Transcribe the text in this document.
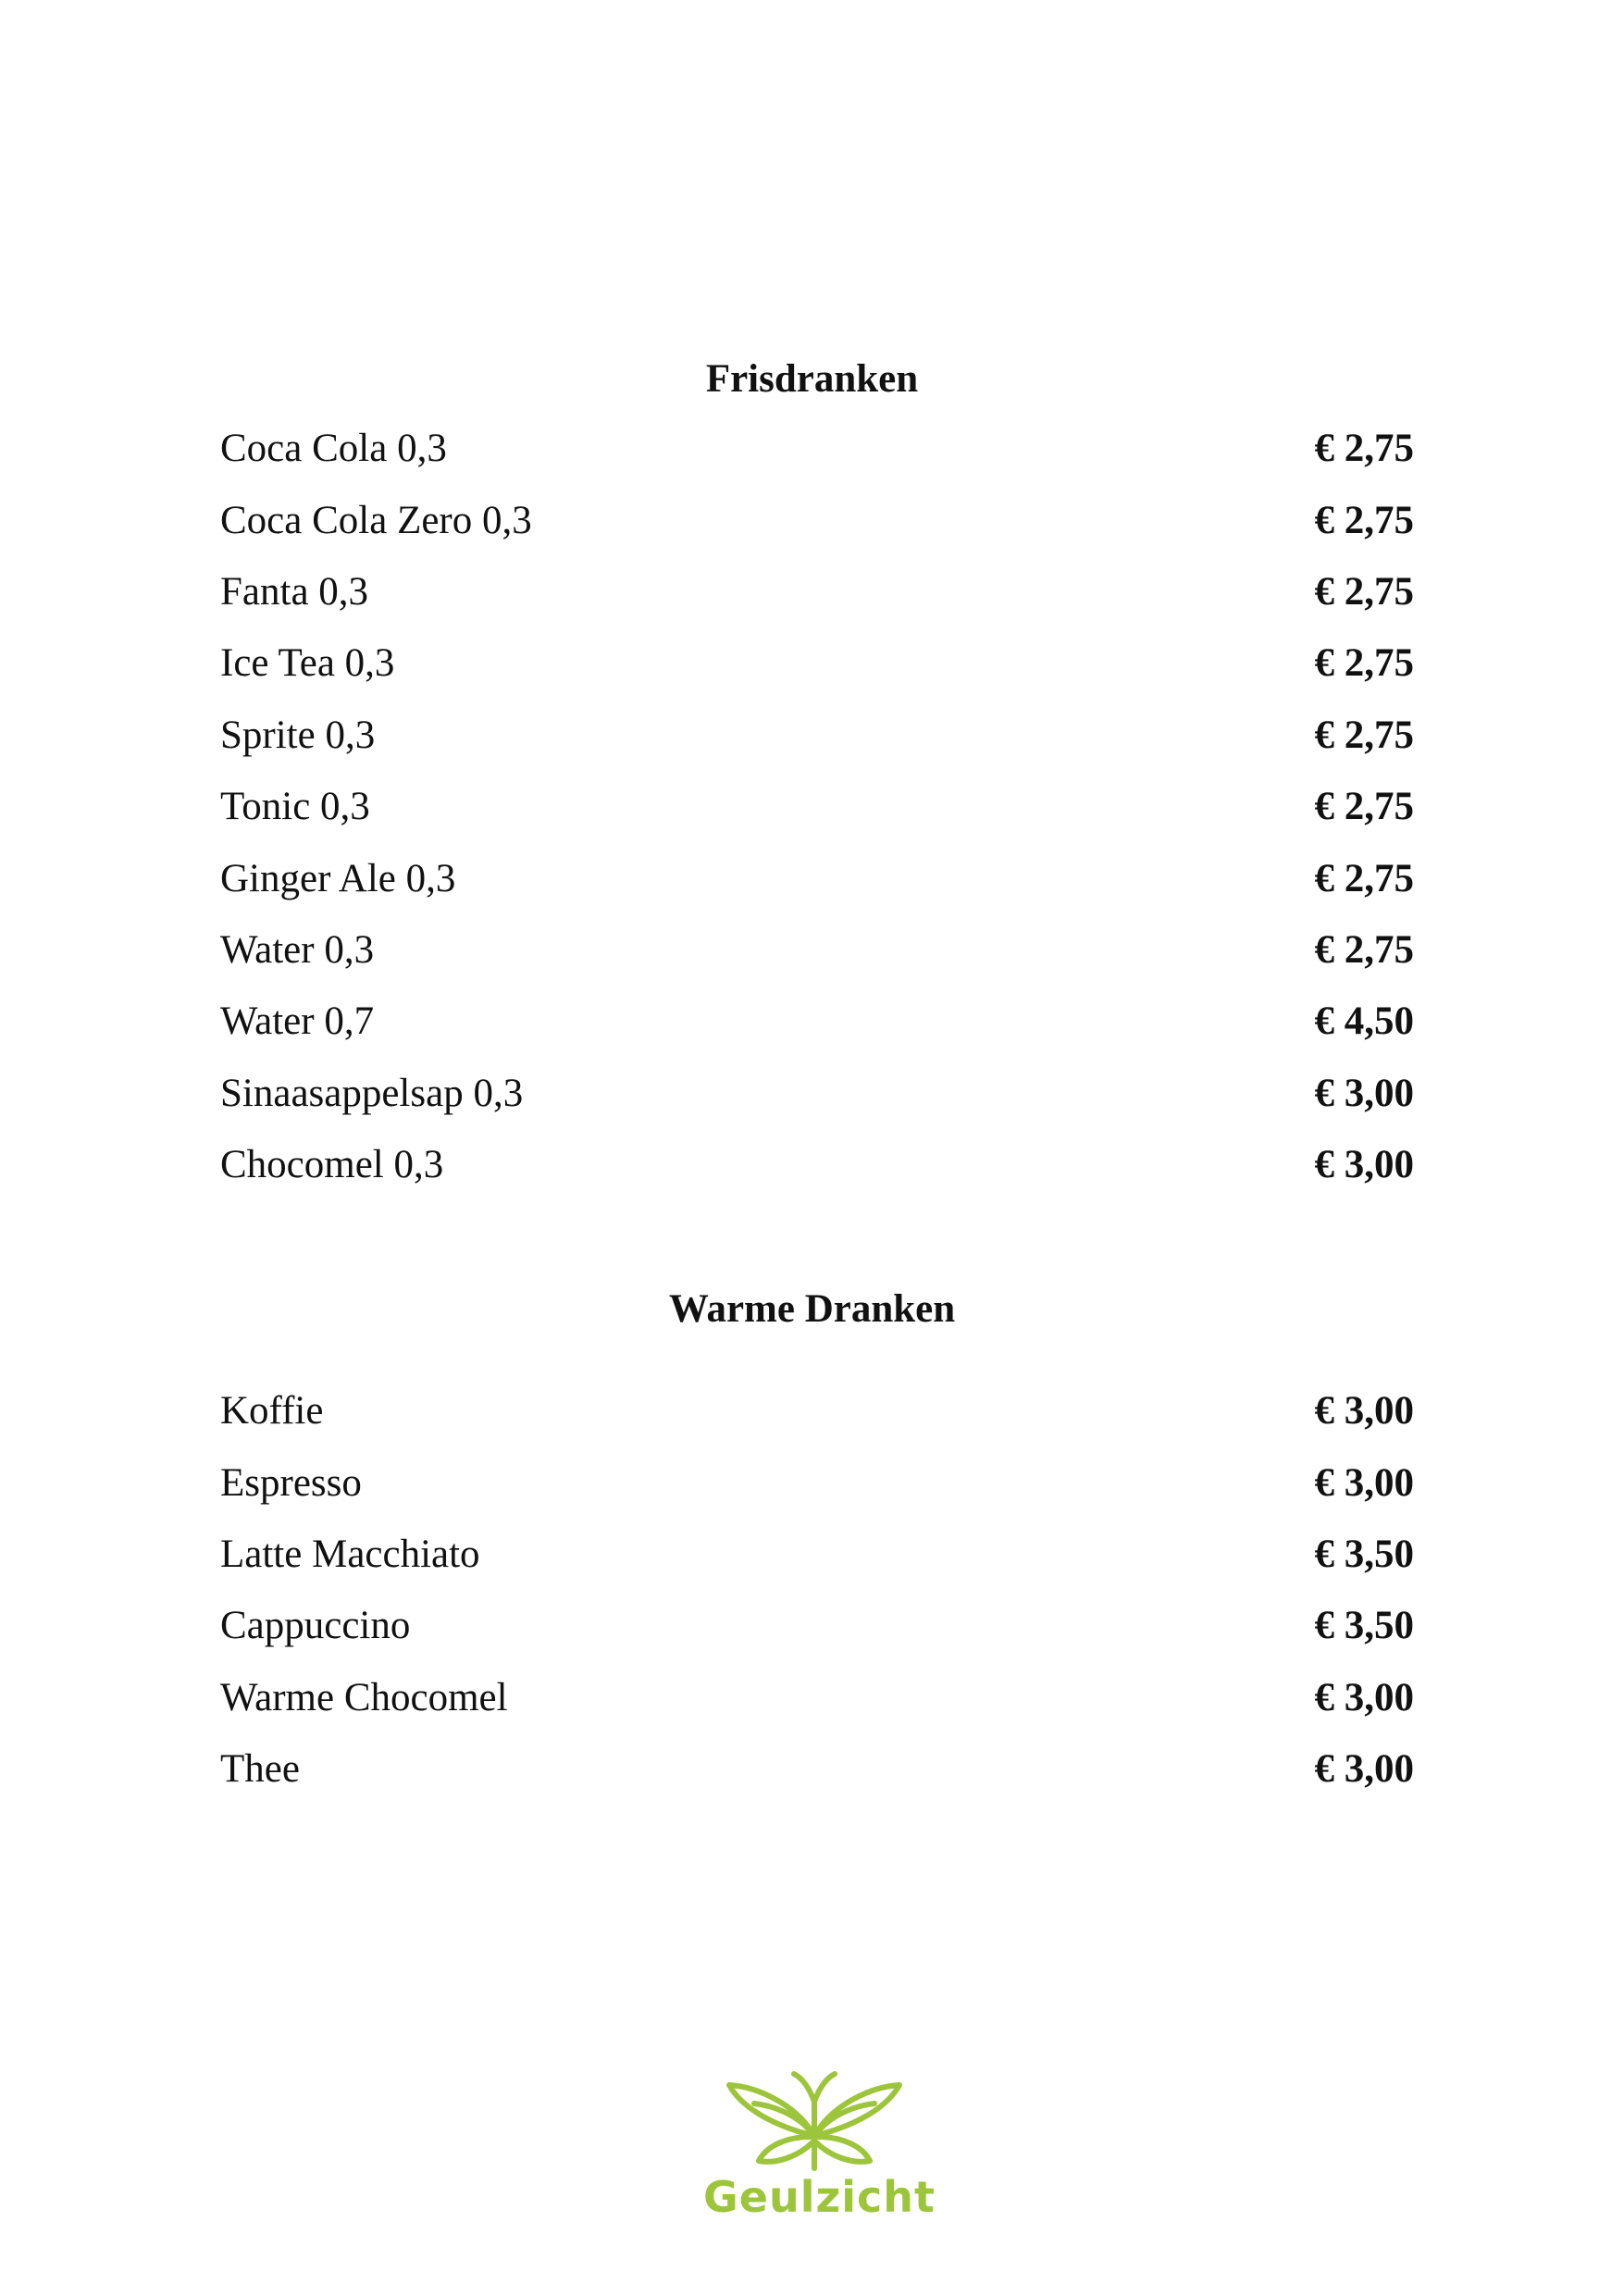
Frisdranken
Coca Cola 0,3	€ 2,75
Coca Cola Zero 0,3	€ 2,75
Fanta 0,3	€ 2,75
Ice Tea 0,3	€ 2,75
Sprite 0,3	€ 2,75
Tonic 0,3	€ 2,75
Ginger Ale 0,3	€ 2,75
Water 0,3	€ 2,75
Water 0,7	€ 4,50
Sinaasappelsap 0,3	€ 3,00
Chocomel 0,3	€ 3,00
Warme Dranken
Koffie	€ 3,00
Espresso	€ 3,00
Latte Macchiato	€ 3,50
Cappuccino	€ 3,50
Warme Chocomel	€ 3,00
Thee	€ 3,00
Geulzicht
